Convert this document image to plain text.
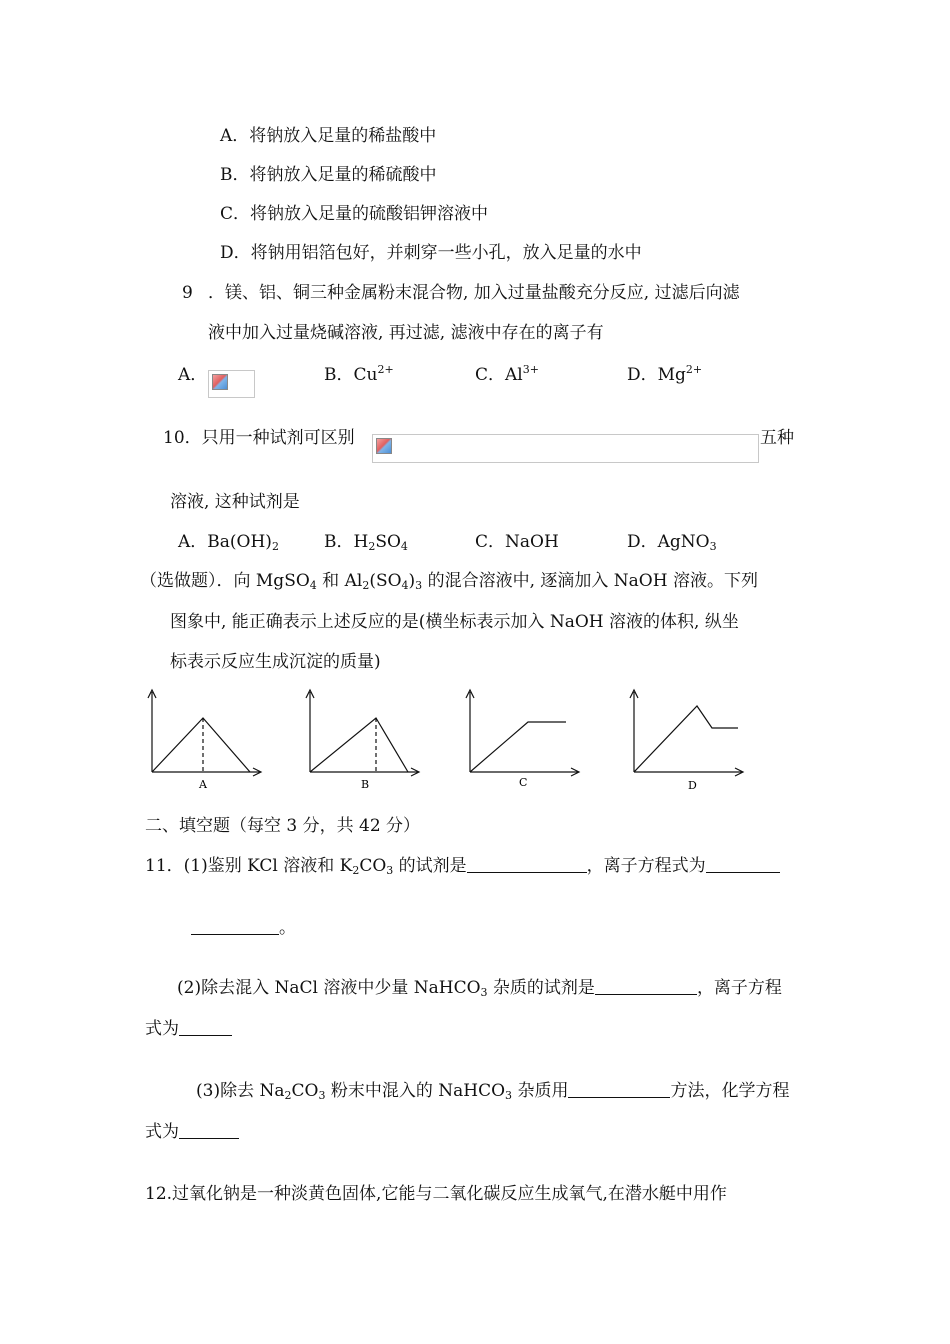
A．将钠放入足量的稀盐酸中
B．将钠放入足量的稀硫酸中
C．将钠放入足量的硫酸铝钾溶液中
D．将钠用铝箔包好，并刺穿一些小孔，放入足量的水中
9 ．镁、铝、铜三种金属粉末混合物, 加入过量盐酸充分反应, 过滤后向滤
液中加入过量烧碱溶液, 再过滤, 滤液中存在的离子有
A．	B．$Cu^{2+}$	C．$Al^{3+}$	D．$Mg^{2+}$
10．只用一种试剂可区别	五种
溶液, 这种试剂是
A．$Ba(OH)_2$	B．$H_2SO_4$	C．NaOH	D．AgNO$_3$
（选做题）．向 MgSO$_4$ 和 $Al_2(SO_4)_3$ 的混合溶液中, 逐滴加入 NaOH 溶液。下列
图象中, 能正确表示上述反应的是(横坐标表示加入 NaOH 溶液的体积, 纵坐
标表示反应生成沉淀的质量)
A	B	C	D
二、填空题（每空 3 分，共 42 分）
11．(1)鉴别 KCl 溶液和 $K_2CO_3$ 的试剂是	，离子方程式为
。
(2)除去混入 NaCl 溶液中少量 NaHCO$_3$ 杂质的试剂是	，离子方程
式为
(3)除去 $Na_2CO_3$ 粉末中混入的 NaHCO$_3$ 杂质用	方法，化学方程
式为
12.过氧化钠是一种淡黄色固体,它能与二氧化碳反应生成氧气,在潜水艇中用作
